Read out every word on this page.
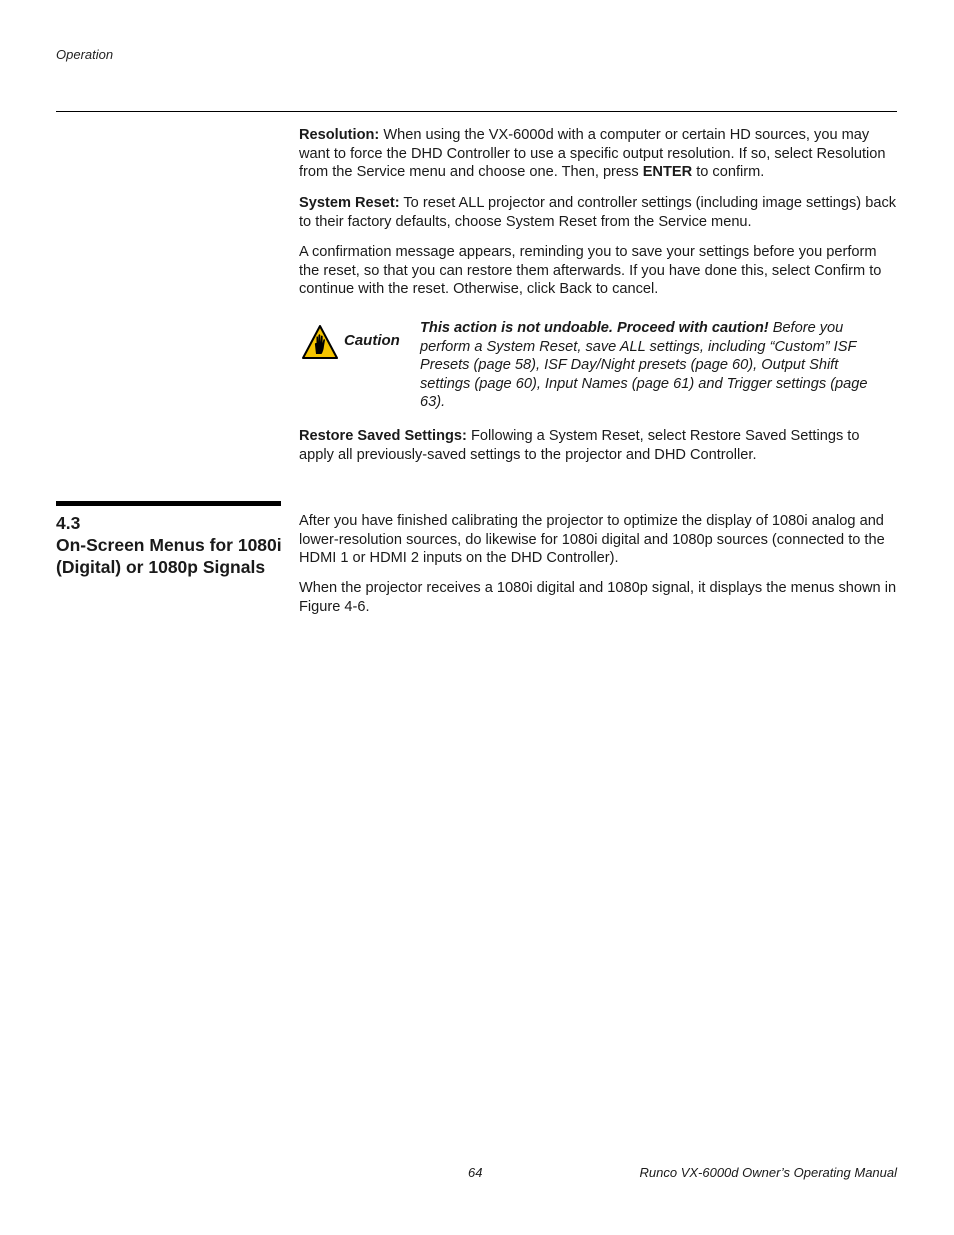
Operation

Resolution: When using the VX-6000d with a computer or certain HD sources, you may want to force the DHD Controller to use a specific output resolution. If so, select Resolution from the Service menu and choose one. Then, press ENTER to confirm.

System Reset: To reset ALL projector and controller settings (including image settings) back to their factory defaults, choose System Reset from the Service menu.

A confirmation message appears, reminding you to save your settings before you perform the reset, so that you can restore them afterwards. If you have done this, select Confirm to continue with the reset. Otherwise, click Back to cancel.

Caution

This action is not undoable. Proceed with caution! Before you perform a System Reset, save ALL settings, including “Custom” ISF Presets (page 58), ISF Day/Night presets (page 60), Output Shift settings (page 60), Input Names (page 61) and Trigger settings (page 63).

Restore Saved Settings: Following a System Reset, select Restore Saved Settings to apply all previously-saved settings to the projector and DHD Controller.

4.3

On-Screen Menus for 1080i (Digital) or 1080p Signals

After you have finished calibrating the projector to optimize the display of 1080i analog and lower-resolution sources, do likewise for 1080i digital and 1080p sources (connected to the HDMI 1 or HDMI 2 inputs on the DHD Controller).

When the projector receives a 1080i digital and 1080p signal, it displays the menus shown in Figure 4-6.

64	Runco VX-6000d Owner’s Operating Manual
